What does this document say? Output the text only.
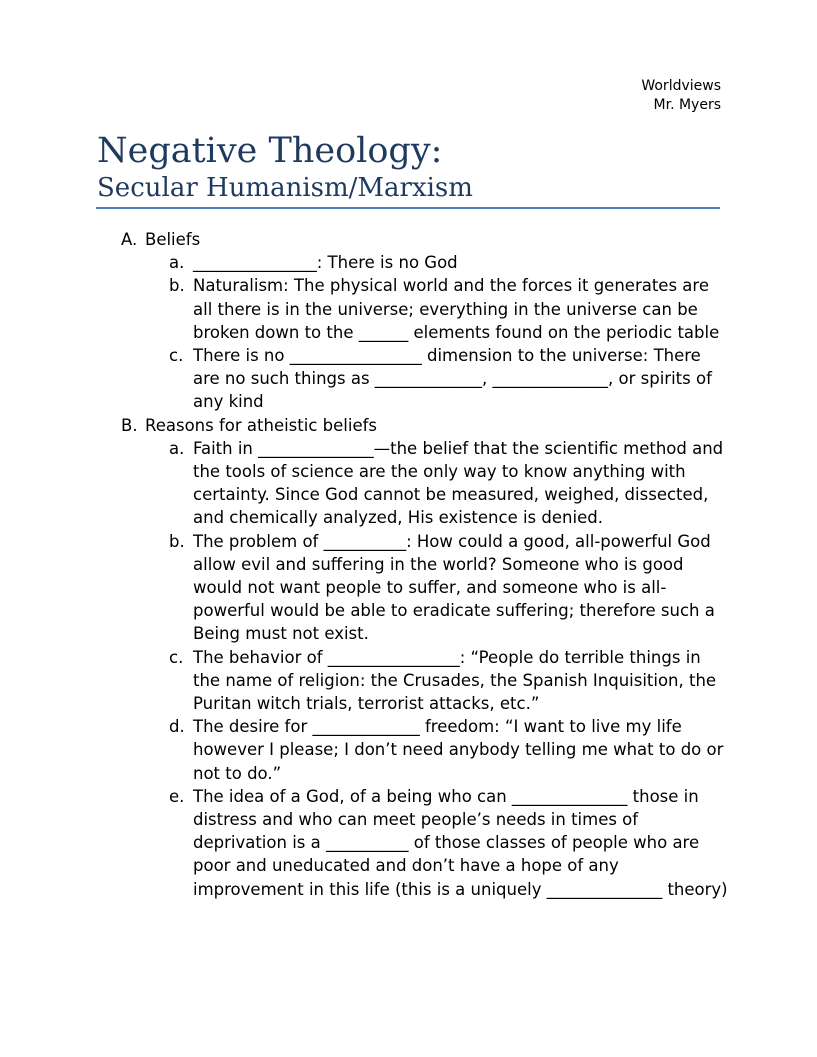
Worldviews
Mr. Myers
Negative Theology:
Secular Humanism/Marxism
A. Beliefs
a. _______________: There is no God
b. Naturalism: The physical world and the forces it generates are all there is in the universe; everything in the universe can be broken down to the ______ elements found on the periodic table
c. There is no ________________ dimension to the universe: There are no such things as _____________, ______________, or spirits of any kind
B. Reasons for atheistic beliefs
a. Faith in ______________—the belief that the scientific method and the tools of science are the only way to know anything with certainty. Since God cannot be measured, weighed, dissected, and chemically analyzed, His existence is denied.
b. The problem of __________: How could a good, all-powerful God allow evil and suffering in the world? Someone who is good would not want people to suffer, and someone who is all-powerful would be able to eradicate suffering; therefore such a Being must not exist.
c. The behavior of ________________: “People do terrible things in the name of religion: the Crusades, the Spanish Inquisition, the Puritan witch trials, terrorist attacks, etc.”
d. The desire for _____________ freedom: “I want to live my life however I please; I don’t need anybody telling me what to do or not to do.”
e. The idea of a God, of a being who can ______________ those in distress and who can meet people’s needs in times of deprivation is a __________ of those classes of people who are poor and uneducated and don’t have a hope of any improvement in this life (this is a uniquely ______________ theory)
